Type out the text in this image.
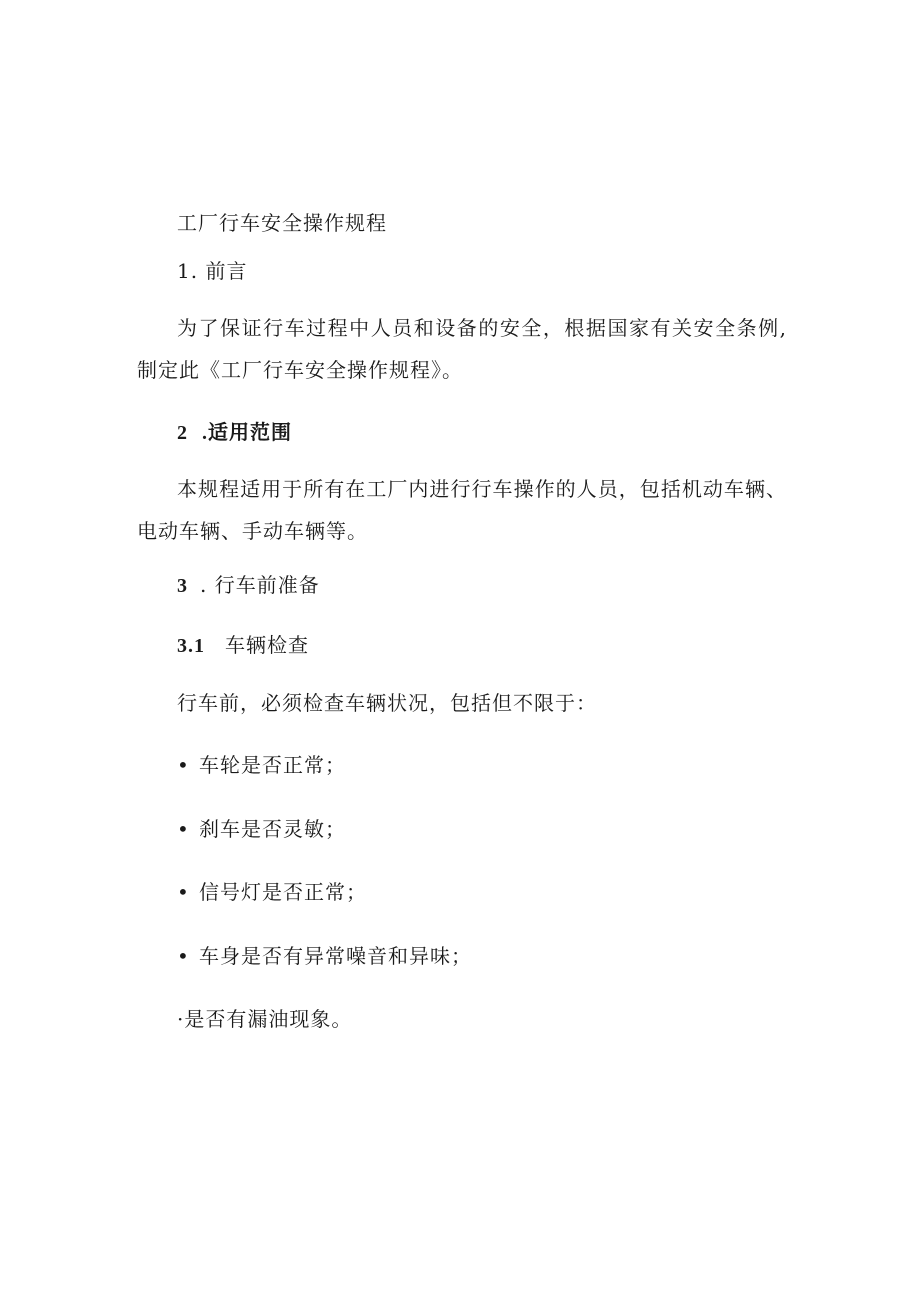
工厂行车安全操作规程
1. 前言
为了保证行车过程中人员和设备的安全，根据国家有关安全条例,制定此《工厂行车安全操作规程》。
2 .适用范围
本规程适用于所有在工厂内进行行车操作的人员，包括机动车辆、电动车辆、手动车辆等。
3 . 行车前准备
3.1 车辆检查
行车前，必须检查车辆状况，包括但不限于：
• 车轮是否正常；
• 刹车是否灵敏；
• 信号灯是否正常；
• 车身是否有异常噪音和异味；
·是否有漏油现象。
